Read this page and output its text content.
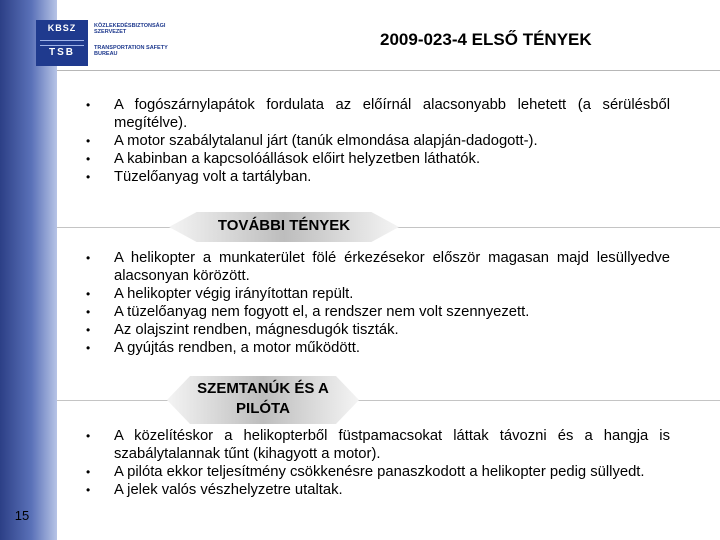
15
KBSZ
TSB
KÖZLEKEDÉSBIZTONSÁGI SZERVEZET
TRANSPORTATION SAFETY BUREAU
2009-023-4 ELSŐ TÉNYEK
• A fogószárnylapátok fordulata az előírnál alacsonyabb lehetett (a sérülésből megítélve).
• A motor szabálytalanul járt (tanúk elmondása alapján-dadogott-).
• A kabinban a kapcsolóállások előirt helyzetben láthatók.
• Tüzelőanyag volt a tartályban.
TOVÁBBI TÉNYEK
• A helikopter a munkaterület fölé érkezésekor először magasan majd lesüllyedve alacsonyan körözött.
• A helikopter végig irányítottan repült.
• A tüzelőanyag nem fogyott el, a rendszer nem volt szennyezett.
• Az olajszint rendben, mágnesdugók tiszták.
• A gyújtás rendben, a motor működött.
SZEMTANÚK ÉS A
PILÓTA
• A közelítéskor a helikopterből füstpamacsokat láttak távozni és a hangja is szabálytalannak tűnt (kihagyott a motor).
• A pilóta ekkor teljesítmény csökkenésre panaszkodott a helikopter pedig süllyedt.
• A jelek valós vészhelyzetre utaltak.
